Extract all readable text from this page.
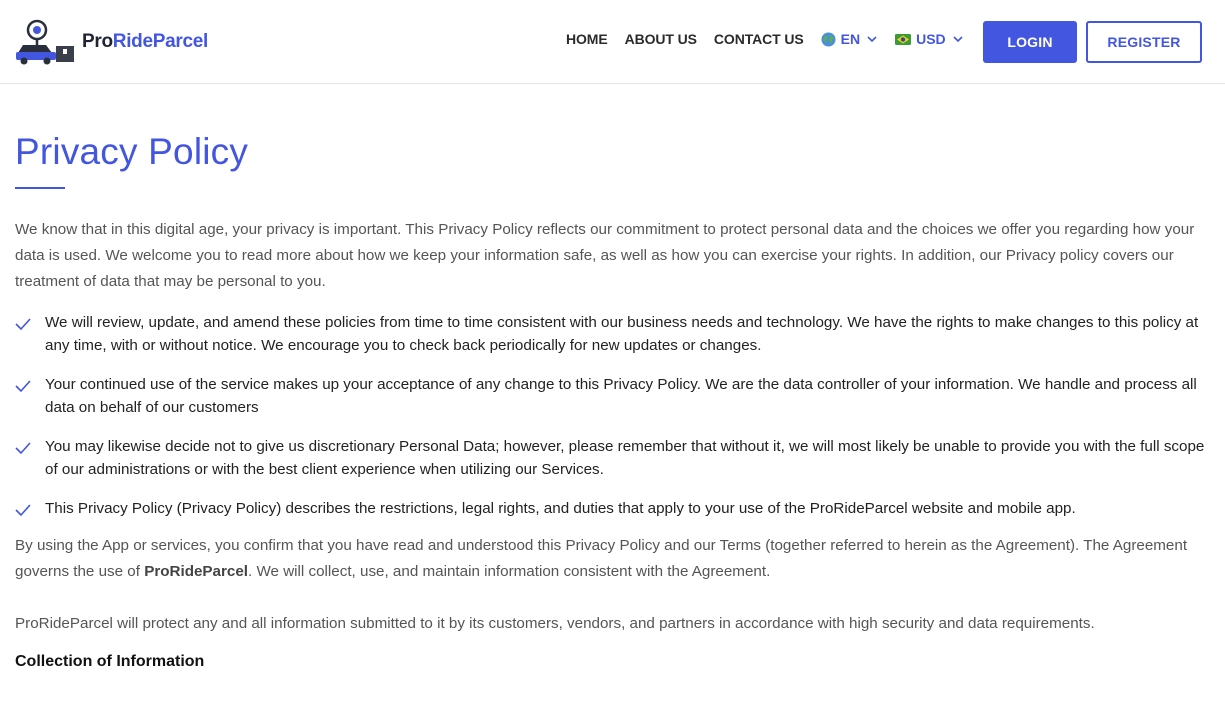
ProRideParcel	HOME ABOUT US CONTACT US	EN	USD	LOGIN	REGISTER
Privacy Policy

We know that in this digital age, your privacy is important. This Privacy Policy reflects our commitment to protect personal data and the choices we offer you regarding how your data is used. We welcome you to read more about how we keep your information safe, as well as how you can exercise your rights. In addition, our Privacy policy covers our treatment of data that may be personal to you.

We will review, update, and amend these policies from time to time consistent with our business needs and technology. We have the rights to make changes to this policy at any time, with or without notice. We encourage you to check back periodically for new updates or changes.
Your continued use of the service makes up your acceptance of any change to this Privacy Policy. We are the data controller of your information. We handle and process all data on behalf of our customers
You may likewise decide not to give us discretionary Personal Data; however, please remember that without it, we will most likely be unable to provide you with the full scope of our administrations or with the best client experience when utilizing our Services.
This Privacy Policy (Privacy Policy) describes the restrictions, legal rights, and duties that apply to your use of the ProRideParcel website and mobile app.

By using the App or services, you confirm that you have read and understood this Privacy Policy and our Terms (together referred to herein as the Agreement). The Agreement governs the use of ProRideParcel. We will collect, use, and maintain information consistent with the Agreement.

ProRideParcel will protect any and all information submitted to it by its customers, vendors, and partners in accordance with high security and data requirements.

Collection of Information
